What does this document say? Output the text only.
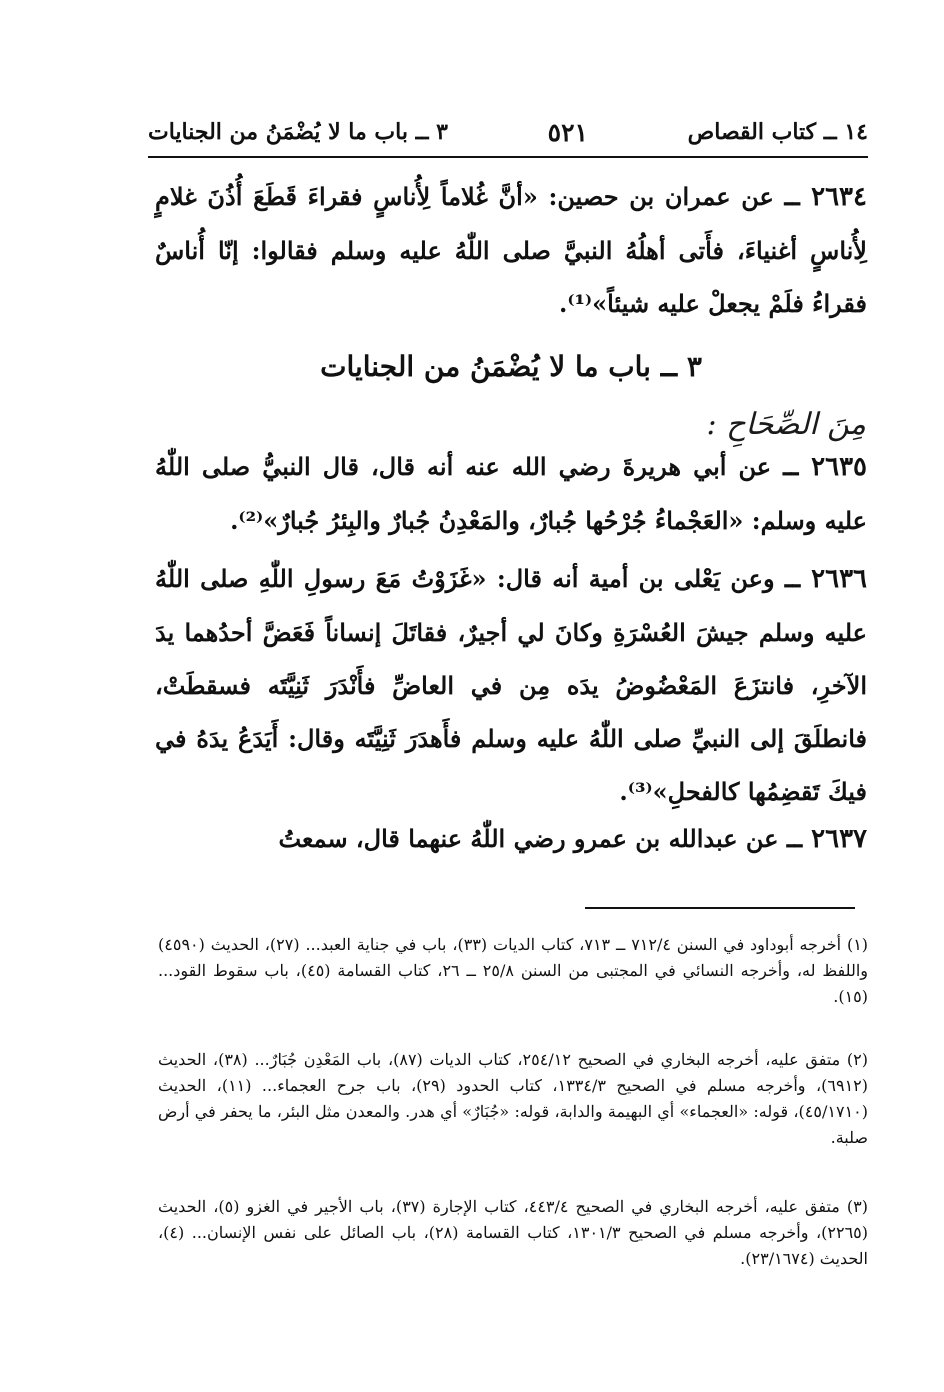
٣ ــ باب ما لا يُضْمَنُ من الجنايات	٥٢١	١٤ ــ كتاب القصاص
٢٦٣٤ ــ عن عمران بن حصين: «أنَّ غُلاماً لِأُناسٍ فقراءَ قَطَعَ أُذُنَ غلامٍ لِأُناسٍ أغنياءَ، فأَتى أهلُهُ النبيَّ صلى اللّٰهُ عليه وسلم فقالوا: إنّا أُناسٌ فقراءُ فلَمْ يجعلْ عليه شيئاً»⁽¹⁾.
٣ ــ باب ما لا يُضْمَنُ من الجنايات
مِنَ الصِّحَاحِ :
٢٦٣٥ ــ عن أبي هريرةَ رضي الله عنه أنه قال، قال النبيُّ صلى اللّٰهُ عليه وسلم: «العَجْماءُ جُرْحُها جُبارٌ، والمَعْدِنُ جُبارٌ والبِئرُ جُبارٌ»⁽²⁾.
٢٦٣٦ ــ وعن يَعْلى بن أمية أنه قال: «غَزَوْتُ مَعَ رسولِ اللّٰهِ صلى اللّٰهُ عليه وسلم جيشَ العُسْرَةِ وكانَ لي أجيرٌ، فقاتَلَ إنساناً فَعَضَّ أحدُهما يدَ الآخرِ، فانتزَعَ المَعْضُوضُ يدَه مِن في العاضِّ فأَنْدَرَ ثَنِيَّتَه فسقطَتْ، فانطلَقَ إلى النبيِّ صلى اللّٰهُ عليه وسلم فأَهدَرَ ثَنِيَّتَه وقال: أَيَدَعُ يدَهُ في فيكَ تَقضِمُها كالفحلِ»⁽³⁾.
٢٦٣٧ ــ عن عبدالله بن عمرو رضي اللّٰهُ عنهما قال، سمعتُ
(١) أخرجه أبوداود في السنن ٧١٢/٤ ــ ٧١٣، كتاب الديات (٣٣)، باب في جناية العبد... (٢٧)، الحديث (٤٥٩٠) واللفظ له، وأخرجه النسائي في المجتبى من السنن ٢٥/٨ ــ ٢٦، كتاب القسامة (٤٥)، باب سقوط القود... (١٥).
(٢) متفق عليه، أخرجه البخاري في الصحيح ٢٥٤/١٢، كتاب الديات (٨٧)، باب المَعْدِن جُبَارٌ... (٣٨)، الحديث (٦٩١٢)، وأخرجه مسلم في الصحيح ١٣٣٤/٣، كتاب الحدود (٢٩)، باب جرح العجماء... (١١)، الحديث (٤٥/١٧١٠)، قوله: «العجماء» أي البهيمة والدابة، قوله: «جُبَارٌ» أي هدر. والمعدن مثل البئر، ما يحفر في أرض صلبة.
(٣) متفق عليه، أخرجه البخاري في الصحيح ٤٤٣/٤، كتاب الإجارة (٣٧)، باب الأجير في الغزو (٥)، الحديث (٢٢٦٥)، وأخرجه مسلم في الصحيح ١٣٠١/٣، كتاب القسامة (٢٨)، باب الصائل على نفس الإنسان... (٤)، الحديث (٢٣/١٦٧٤).
